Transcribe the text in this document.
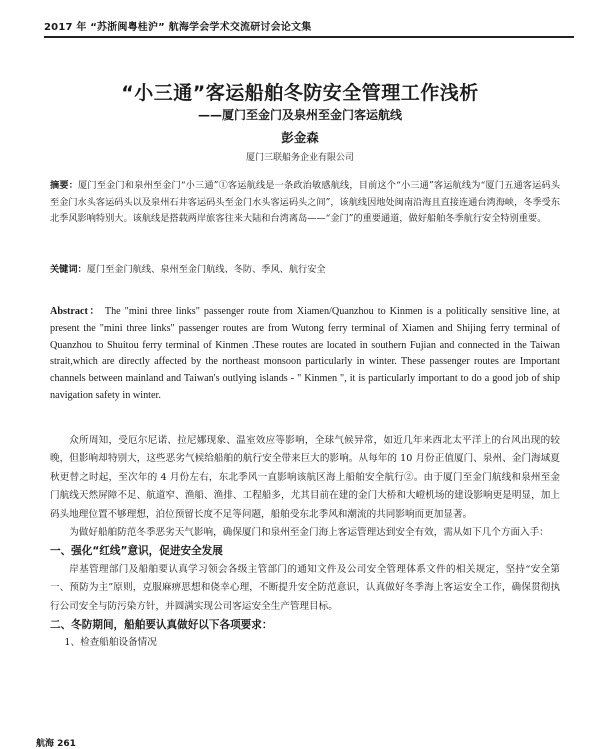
2017 年 “苏浙闽粤桂沪” 航海学会学术交流研讨会论文集
“小三通”客运船舶冬防安全管理工作浅析
——厦门至金门及泉州至金门客运航线
彭金森
厦门三联船务企业有限公司
摘要：厦门至金门和泉州至金门“小三通”①客运航线是一条政治敏感航线，目前这个“小三通”客运航线为“厦门五通客运码头至金门水头客运码头以及泉州石井客运码头至金门水头客运码头之间”，该航线因地处闽南沿海且直接连通台湾海峡，冬季受东北季风影响特别大。该航线是搭载两岸旅客往来大陆和台湾离岛——“金门”的重要通道，做好船舶冬季航行安全特别重要。
关键词：厦门至金门航线、泉州至金门航线、冬防、季风、航行安全
Abstract： The "mini three links" passenger route from Xiamen/Quanzhou to Kinmen is a politically sensitive line, at present the "mini three links" passenger routes are from Wutong ferry terminal of Xiamen and Shijing ferry terminal of Quanzhou to Shuitou ferry terminal of Kinmen .These routes are located in southern Fujian and connected in the Taiwan strait,which are directly affected by the northeast monsoon particularly in winter. These passenger routes are Important channels between mainland and Taiwan's outlying islands - " Kinmen ", it is particularly important to do a good job of ship navigation safety in winter.

众所周知，受厄尔尼诺、拉尼娜现象、温室效应等影响，全球气候异常，如近几年来西北太平洋上的台风出现的较晚，但影响却特别大，这些恶劣气候给船舶的航行安全带来巨大的影响。从每年的 10 月份正值厦门、泉州、金门海域夏秋更替之时起，至次年的 4 月份左右，东北季风一直影响该航区海上船舶安全航行②。由于厦门至金门航线和泉州至金门航线天然屏障不足、航道窄、渔船、渔排、工程船多，尤其目前在建的金门大桥和大嶝机场的建设影响更是明显，加上码头地理位置不够理想，泊位预留长度不足等问题，船舶受东北季风和潮流的共同影响而更加显著。

为做好船舶防范冬季恶劣天气影响，确保厦门和泉州至金门海上客运管理达到安全有效，需从如下几个方面入手：

一、强化“红线”意识，促进安全发展

岸基管理部门及船舶要认真学习领会各级主管部门的通知文件及公司安全管理体系文件的相关规定，坚持“安全第一、预防为主”原则，克服麻痹思想和侥幸心理，不断提升安全防范意识，认真做好冬季海上客运安全工作，确保贯彻执行公司安全与防污染方针，并圆满实现公司客运安全生产管理目标。

二、冬防期间，船舶要认真做好以下各项要求：

1、检查船舶设备情况

航海 261
